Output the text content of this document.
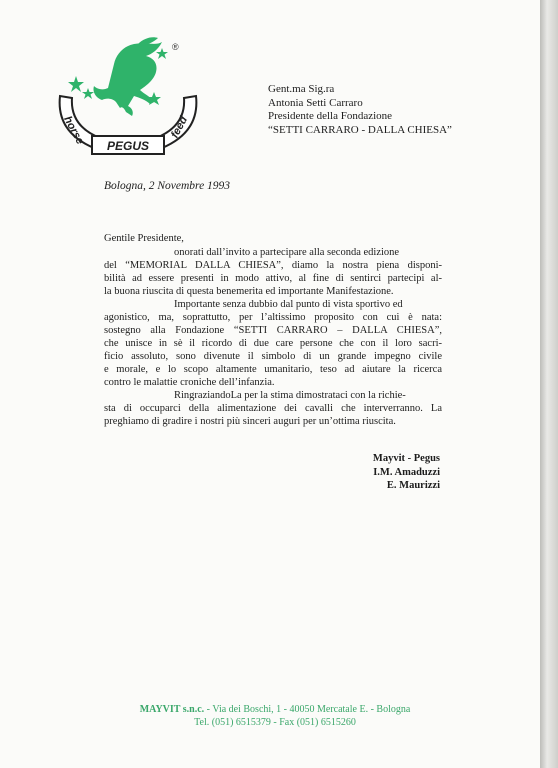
®
horse	feed
PEGUS
Gent.ma Sig.ra
Antonia Setti Carraro
Presidente della Fondazione
“SETTI CARRARO - DALLA CHIESA”
Bologna, 2 Novembre 1993
Gentile Presidente,
onorati dall’invito a partecipare alla seconda edizione
del “MEMORIAL DALLA CHIESA”, diamo la nostra piena disponi-
bilità ad essere presenti in modo attivo, al fine di sentirci partecipi al-
la buona riuscita di questa benemerita ed importante Manifestazione.
Importante senza dubbio dal punto di vista sportivo ed
agonistico, ma, soprattutto, per l’altissimo proposito con cui è nata:
sostegno alla Fondazione “SETTI CARRARO – DALLA CHIESA”,
che unisce in sè il ricordo di due care persone che con il loro sacri-
ficio assoluto, sono divenute il simbolo di un grande impegno civile
e morale, e lo scopo altamente umanitario, teso ad aiutare la ricerca
contro le malattie croniche dell’infanzia.
RingraziandoLa per la stima dimostrataci con la richie-
sta di occuparci della alimentazione dei cavalli che interverranno. La
preghiamo di gradire i nostri più sinceri auguri per un’ottima riuscita.
Mayvit - Pegus
I.M. Amaduzzi
E. Maurizzi
MAYVIT s.n.c. - Via dei Boschi, 1 - 40050 Mercatale E. - Bologna
Tel. (051) 6515379 - Fax (051) 6515260
